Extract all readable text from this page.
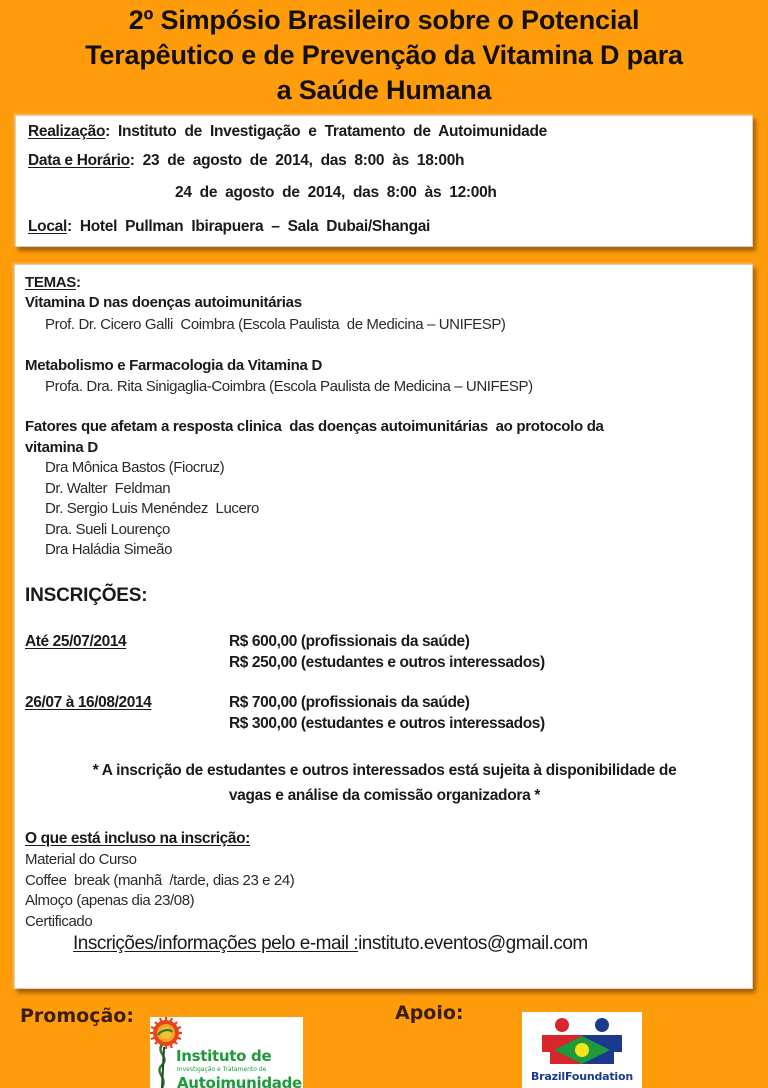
2º Simpósio Brasileiro sobre o Potencial
Terapêutico e de Prevenção da Vitamina D para
a Saúde Humana
Realização:  Instituto  de  Investigação  e  Tratamento  de  Autoimunidade
Data e Horário:  23  de  agosto  de  2014,  das  8:00  às  18:00h
24  de  agosto  de  2014,  das  8:00  às  12:00h
Local:  Hotel  Pullman  Ibirapuera  –  Sala  Dubai/Shangai
TEMAS:
Vitamina D nas doenças autoimunitárias
Prof. Dr. Cicero Galli  Coimbra (Escola Paulista  de Medicina – UNIFESP)
Metabolismo e Farmacologia da Vitamina D
Profa. Dra. Rita Sinigaglia-Coimbra (Escola Paulista de Medicina – UNIFESP)
Fatores que afetam a resposta clinica  das doenças autoimunitárias  ao protocolo da
vitamina D
Dra Mônica Bastos (Fiocruz)
Dr. Walter  Feldman
Dr. Sergio Luis Menéndez  Lucero
Dra. Sueli Lourenço
Dra Haládia Simeão
INSCRIÇÕES:
Até 25/07/2014	R$ 600,00 (profissionais da saúde)
R$ 250,00 (estudantes e outros interessados)
26/07 à 16/08/2014	R$ 700,00 (profissionais da saúde)
R$ 300,00 (estudantes e outros interessados)
* A inscrição de estudantes e outros interessados está sujeita à disponibilidade de
vagas e análise da comissão organizadora *
O que está incluso na inscrição:
Material do Curso
Coffee  break (manhã  /tarde, dias 23 e 24)
Almoço (apenas dia 23/08)
Certificado
Inscrições/informações pelo e-mail :instituto.eventos@gmail.com
Promoção:	Apoio:
Instituto de
Investigação e Tratamento de
Autoimunidade	BrazilFoundation
